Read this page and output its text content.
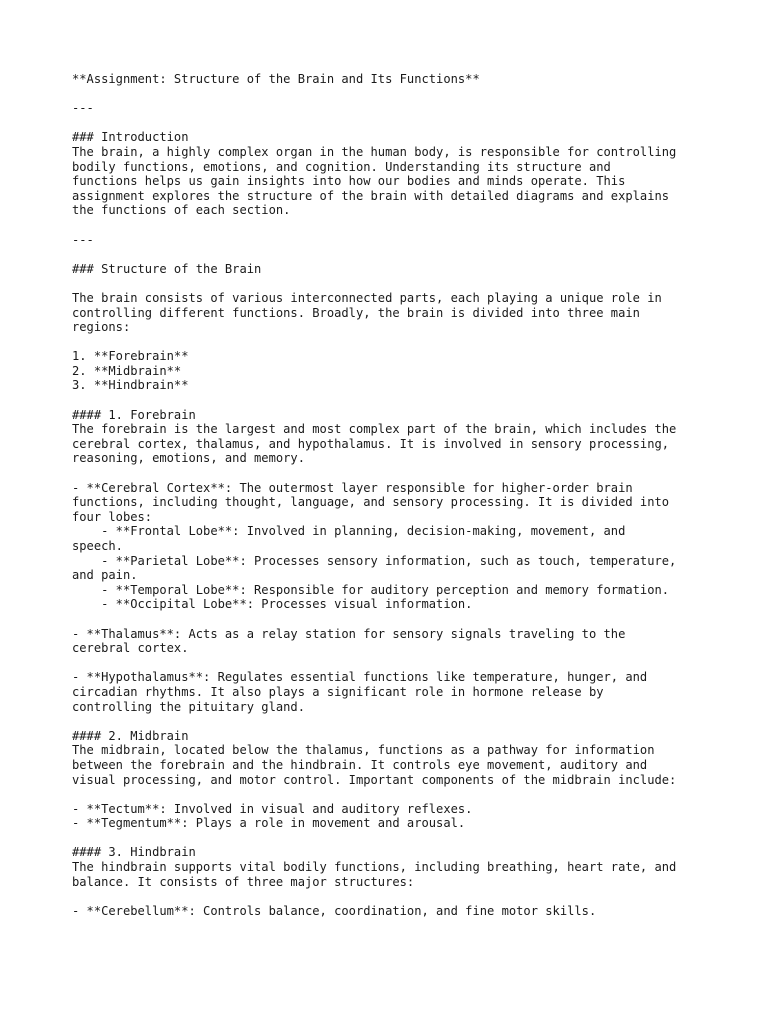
**Assignment: Structure of the Brain and Its Functions**
---
### Introduction
The brain, a highly complex organ in the human body, is responsible for controlling
bodily functions, emotions, and cognition. Understanding its structure and
functions helps us gain insights into how our bodies and minds operate. This
assignment explores the structure of the brain with detailed diagrams and explains
the functions of each section.
---
### Structure of the Brain
The brain consists of various interconnected parts, each playing a unique role in
controlling different functions. Broadly, the brain is divided into three main
regions:
1. **Forebrain**
2. **Midbrain**
3. **Hindbrain**
#### 1. Forebrain
The forebrain is the largest and most complex part of the brain, which includes the
cerebral cortex, thalamus, and hypothalamus. It is involved in sensory processing,
reasoning, emotions, and memory.
- **Cerebral Cortex**: The outermost layer responsible for higher-order brain
functions, including thought, language, and sensory processing. It is divided into
four lobes:
- **Frontal Lobe**: Involved in planning, decision-making, movement, and
speech.
- **Parietal Lobe**: Processes sensory information, such as touch, temperature,
and pain.
- **Temporal Lobe**: Responsible for auditory perception and memory formation.
- **Occipital Lobe**: Processes visual information.
- **Thalamus**: Acts as a relay station for sensory signals traveling to the
cerebral cortex.
- **Hypothalamus**: Regulates essential functions like temperature, hunger, and
circadian rhythms. It also plays a significant role in hormone release by
controlling the pituitary gland.
#### 2. Midbrain
The midbrain, located below the thalamus, functions as a pathway for information
between the forebrain and the hindbrain. It controls eye movement, auditory and
visual processing, and motor control. Important components of the midbrain include:
- **Tectum**: Involved in visual and auditory reflexes.
- **Tegmentum**: Plays a role in movement and arousal.
#### 3. Hindbrain
The hindbrain supports vital bodily functions, including breathing, heart rate, and
balance. It consists of three major structures:
- **Cerebellum**: Controls balance, coordination, and fine motor skills.
